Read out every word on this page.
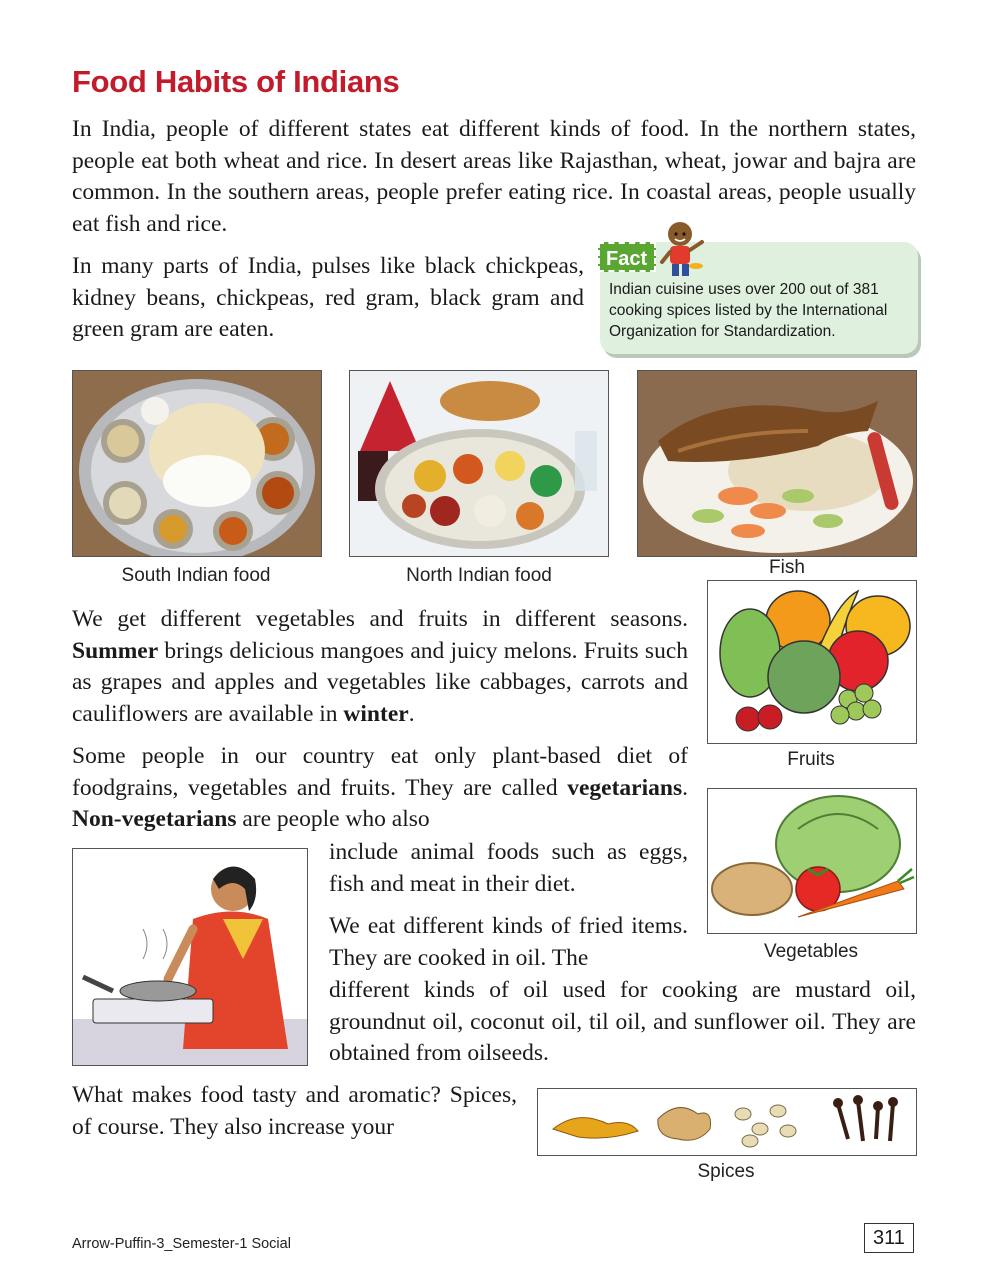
Food Habits of Indians
In India, people of different states eat different kinds of food. In the northern states, people eat both wheat and rice. In desert areas like Rajasthan, wheat, jowar and bajra are common. In the southern areas, people prefer eating rice. In coastal areas, people usually eat fish and rice.
In many parts of India, pulses like black chickpeas, kidney beans, chickpeas, red gram, black gram and green gram are eaten.
Fact
Indian cuisine uses over 200 out of 381 cooking spices listed by the International Organization for Standardization.
South Indian food	North Indian food	Fish
We get different vegetables and fruits in different seasons. Summer brings delicious mangoes and juicy melons. Fruits such as grapes and apples and vegetables like cabbages, carrots and cauliflowers are available in winter.
Fruits
Some people in our country eat only plant-based diet of foodgrains, vegetables and fruits. They are called vegetarians. Non-vegetarians are people who also
include animal foods such as eggs, fish and meat in their diet.
Vegetables
We eat different kinds of fried items. They are cooked in oil. The
different kinds of oil used for cooking are mustard oil, groundnut oil, coconut oil, til oil, and sunflower oil. They are obtained from oilseeds.
What makes food tasty and aromatic? Spices, of course. They also increase your
Spices
Arrow-Puffin-3_Semester-1 Social	311
